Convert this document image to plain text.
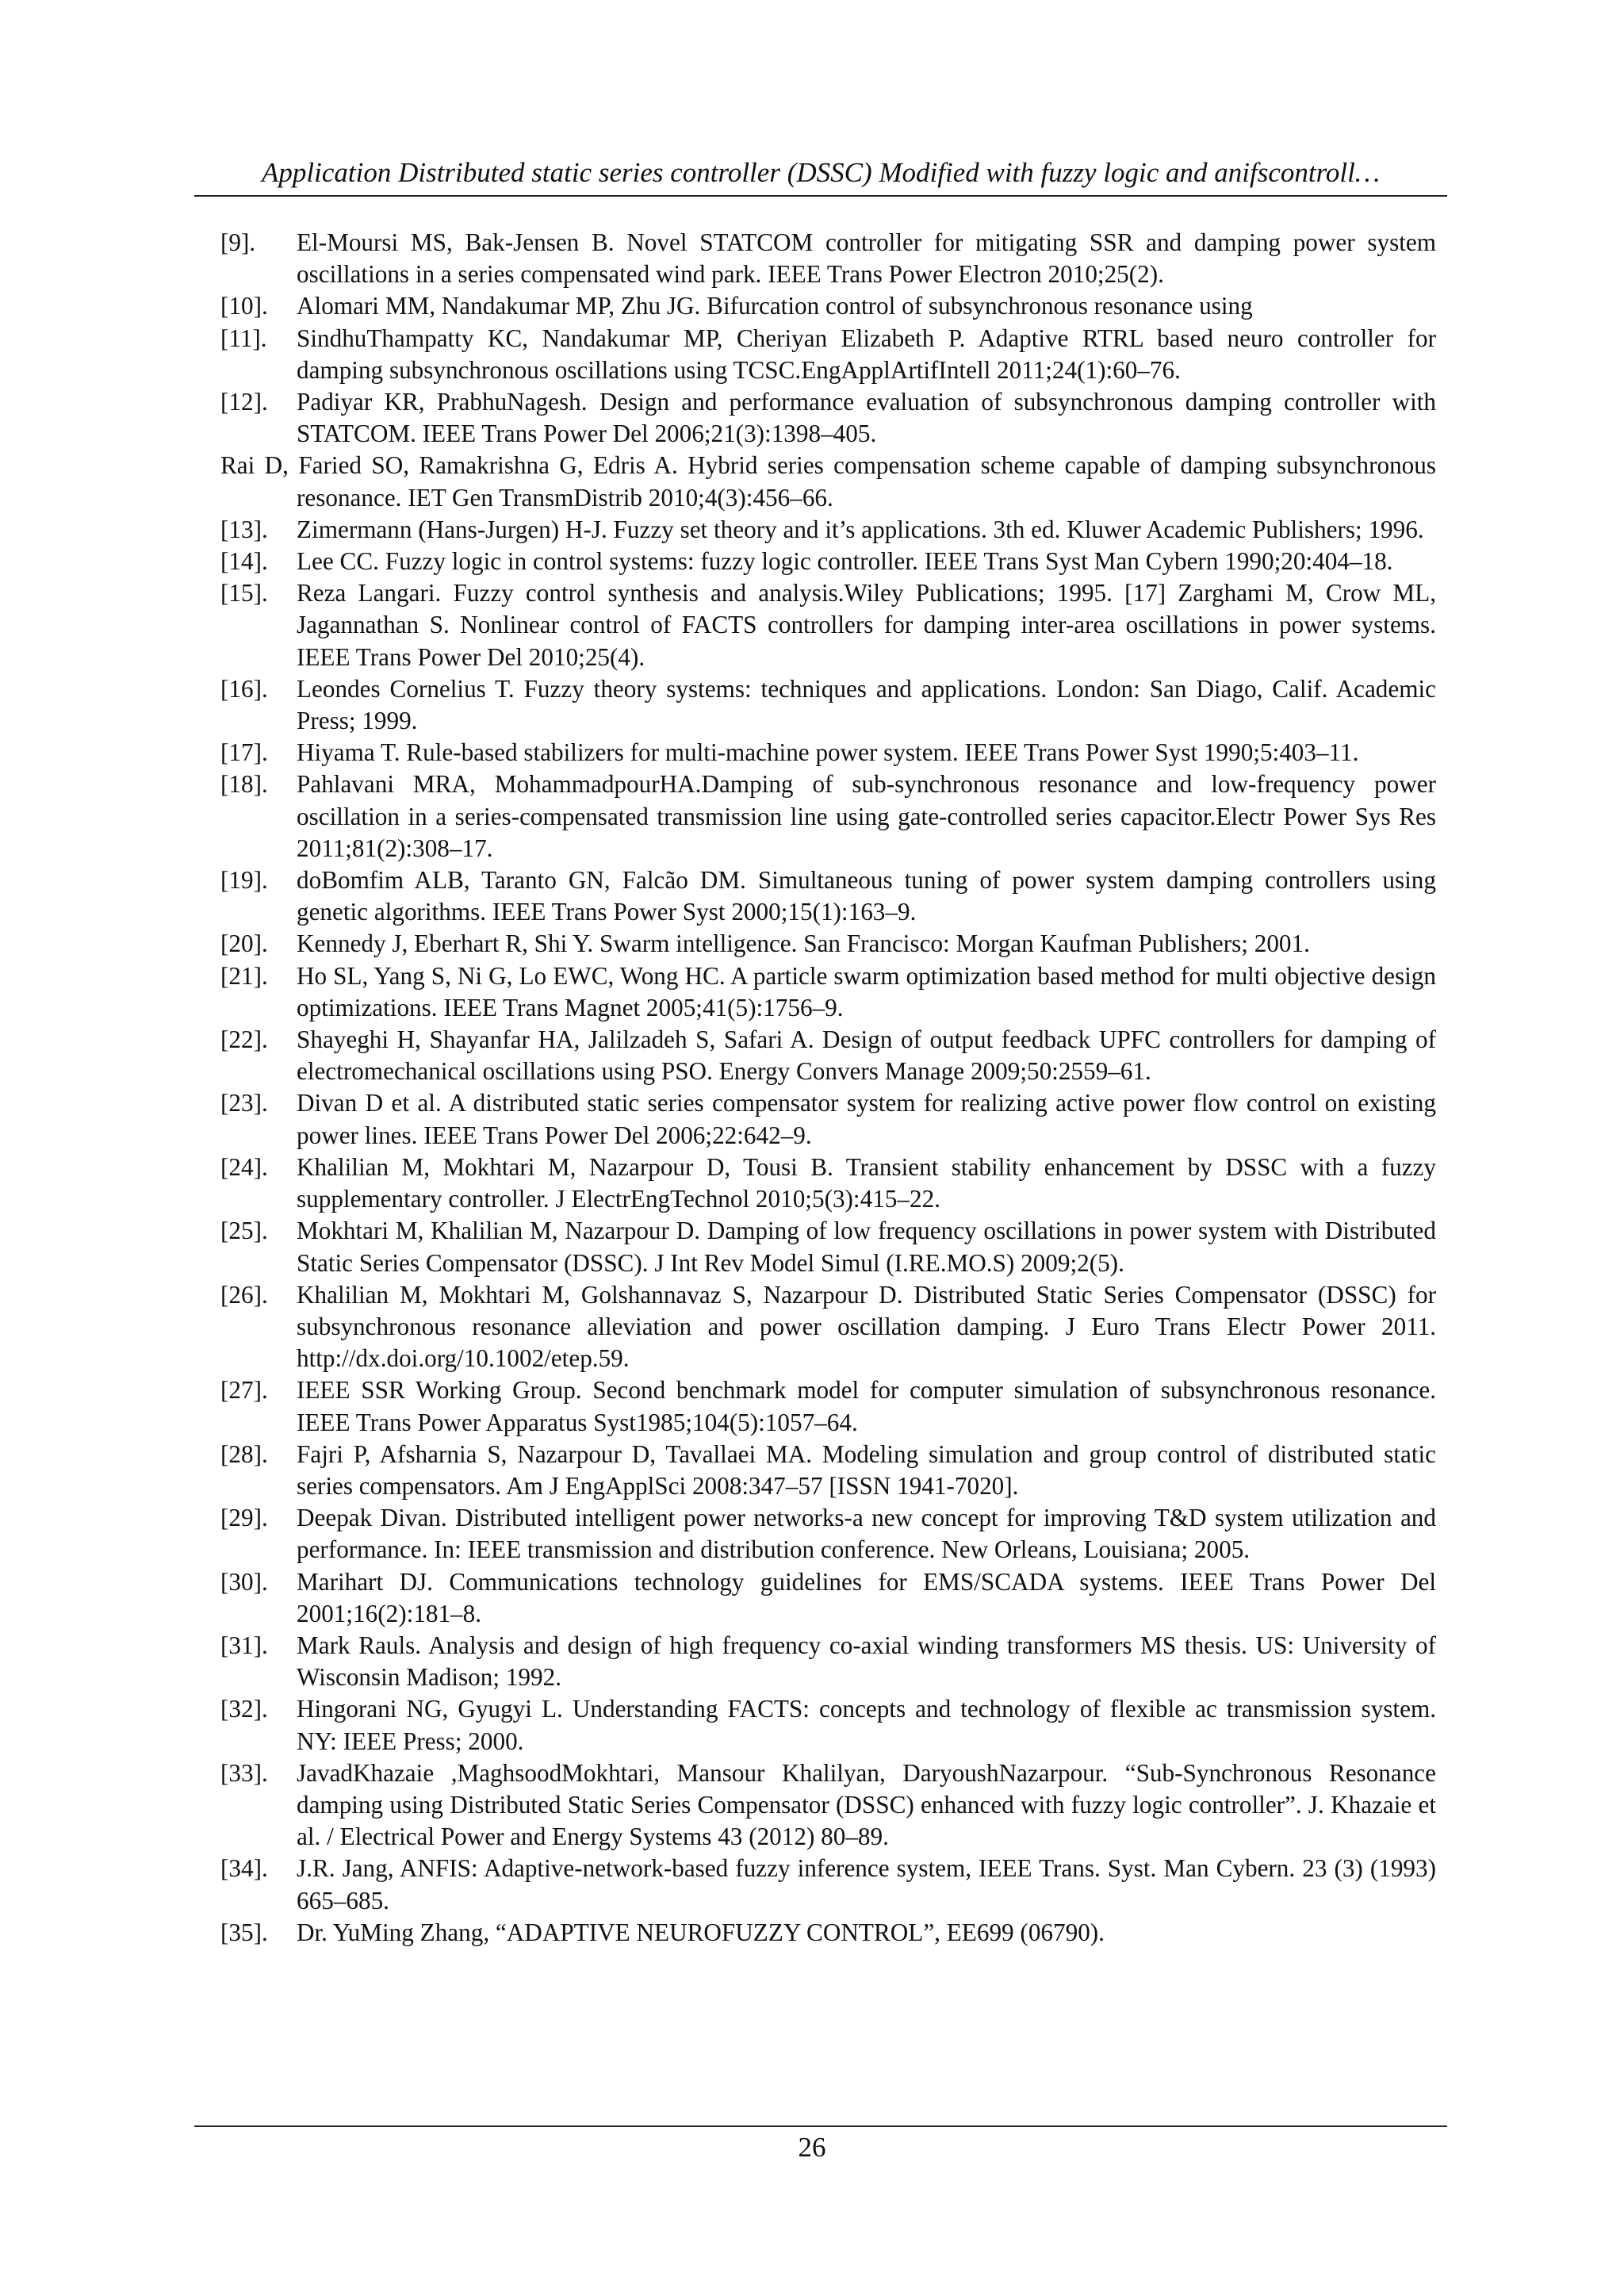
Application Distributed static series controller (DSSC) Modified with fuzzy logic and anifscontroll…
[9].	El-Moursi MS, Bak-Jensen B. Novel STATCOM controller for mitigating SSR and damping power system oscillations in a series compensated wind park. IEEE Trans Power Electron 2010;25(2).
[10].	Alomari MM, Nandakumar MP, Zhu JG. Bifurcation control of subsynchronous resonance using
[11].	SindhuThampatty KC, Nandakumar MP, Cheriyan Elizabeth P. Adaptive RTRL based neuro controller for damping subsynchronous oscillations using TCSC.EngApplArtifIntell 2011;24(1):60–76.
[12].	Padiyar KR, PrabhuNagesh. Design and performance evaluation of subsynchronous damping controller with STATCOM. IEEE Trans Power Del 2006;21(3):1398–405.
Rai D, Faried SO, Ramakrishna G, Edris A. Hybrid series compensation scheme capable of damping subsynchronous resonance. IET Gen TransmDistrib 2010;4(3):456–66.
[13].	Zimermann (Hans-Jurgen) H-J. Fuzzy set theory and it’s applications. 3th ed. Kluwer Academic Publishers; 1996.
[14].	Lee CC. Fuzzy logic in control systems: fuzzy logic controller. IEEE Trans Syst Man Cybern 1990;20:404–18.
[15].	Reza Langari. Fuzzy control synthesis and analysis.Wiley Publications; 1995. [17] Zarghami M, Crow ML, Jagannathan S. Nonlinear control of FACTS controllers for damping inter-area oscillations in power systems. IEEE Trans Power Del 2010;25(4).
[16].	Leondes Cornelius T. Fuzzy theory systems: techniques and applications. London: San Diago, Calif. Academic Press; 1999.
[17].	Hiyama T. Rule-based stabilizers for multi-machine power system. IEEE Trans Power Syst 1990;5:403–11.
[18].	Pahlavani MRA, MohammadpourHA.Damping of sub-synchronous resonance and low-frequency power oscillation in a series-compensated transmission line using gate-controlled series capacitor.Electr Power Sys Res 2011;81(2):308–17.
[19].	doBomfim ALB, Taranto GN, Falcão DM. Simultaneous tuning of power system damping controllers using genetic algorithms. IEEE Trans Power Syst 2000;15(1):163–9.
[20].	Kennedy J, Eberhart R, Shi Y. Swarm intelligence. San Francisco: Morgan Kaufman Publishers; 2001.
[21].	Ho SL, Yang S, Ni G, Lo EWC, Wong HC. A particle swarm optimization based method for multi objective design optimizations. IEEE Trans Magnet 2005;41(5):1756–9.
[22].	Shayeghi H, Shayanfar HA, Jalilzadeh S, Safari A. Design of output feedback UPFC controllers for damping of electromechanical oscillations using PSO. Energy Convers Manage 2009;50:2559–61.
[23].	Divan D et al. A distributed static series compensator system for realizing active power flow control on existing power lines. IEEE Trans Power Del 2006;22:642–9.
[24].	Khalilian M, Mokhtari M, Nazarpour D, Tousi B. Transient stability enhancement by DSSC with a fuzzy supplementary controller. J ElectrEngTechnol 2010;5(3):415–22.
[25].	Mokhtari M, Khalilian M, Nazarpour D. Damping of low frequency oscillations in power system with Distributed Static Series Compensator (DSSC). J Int Rev Model Simul (I.RE.MO.S) 2009;2(5).
[26].	Khalilian M, Mokhtari M, Golshannavaz S, Nazarpour D. Distributed Static Series Compensator (DSSC) for subsynchronous resonance alleviation and power oscillation damping. J Euro Trans Electr Power 2011. http://dx.doi.org/10.1002/etep.59.
[27].	IEEE SSR Working Group. Second benchmark model for computer simulation of subsynchronous resonance. IEEE Trans Power Apparatus Syst1985;104(5):1057–64.
[28].	Fajri P, Afsharnia S, Nazarpour D, Tavallaei MA. Modeling simulation and group control of distributed static series compensators. Am J EngApplSci 2008:347–57 [ISSN 1941-7020].
[29].	Deepak Divan. Distributed intelligent power networks-a new concept for improving T&D system utilization and performance. In: IEEE transmission and distribution conference. New Orleans, Louisiana; 2005.
[30].	Marihart DJ. Communications technology guidelines for EMS/SCADA systems. IEEE Trans Power Del 2001;16(2):181–8.
[31].	Mark Rauls. Analysis and design of high frequency co-axial winding transformers MS thesis. US: University of Wisconsin Madison; 1992.
[32].	Hingorani NG, Gyugyi L. Understanding FACTS: concepts and technology of flexible ac transmission system. NY: IEEE Press; 2000.
[33].	JavadKhazaie ,MaghsoodMokhtari, Mansour Khalilyan, DaryoushNazarpour. “Sub-Synchronous Resonance damping using Distributed Static Series Compensator (DSSC) enhanced with fuzzy logic controller”. J. Khazaie et al. / Electrical Power and Energy Systems 43 (2012) 80–89.
[34].	J.R. Jang, ANFIS: Adaptive-network-based fuzzy inference system, IEEE Trans. Syst. Man Cybern. 23 (3) (1993) 665–685.
[35].	Dr. YuMing Zhang, “ADAPTIVE NEUROFUZZY CONTROL”, EE699 (06790).
26
